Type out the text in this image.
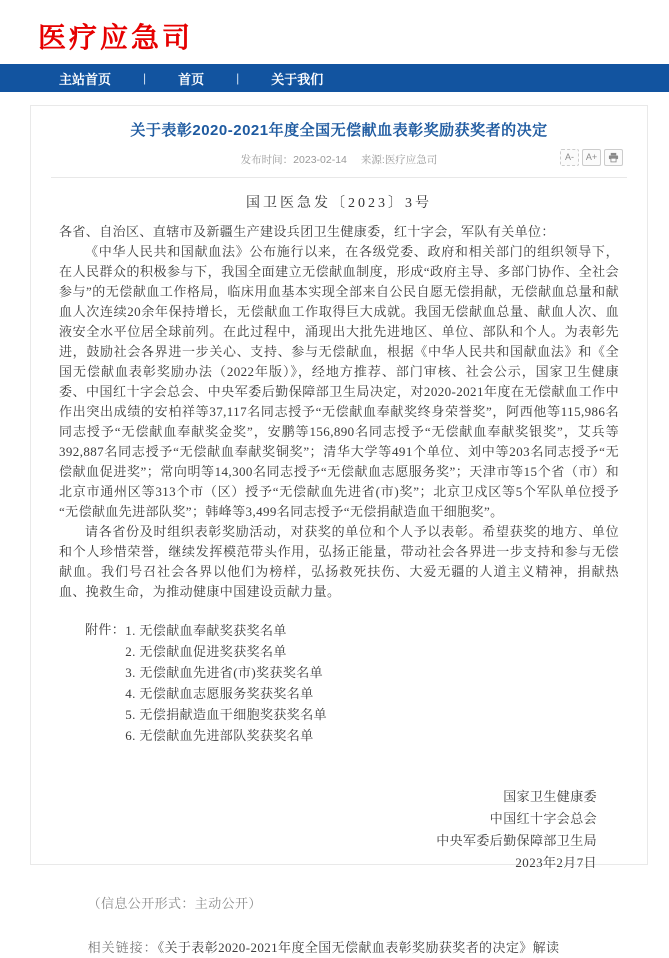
医疗应急司
主站首页	|	首页	|	关于我们
关于表彰2020-2021年度全国无偿献血表彰奖励获奖者的决定
发布时间：2023-02-14 来源:医疗应急司	A-	A+
国卫医急发〔2023〕3号

各省、自治区、直辖市及新疆生产建设兵团卫生健康委，红十字会，军队有关单位：

《中华人民共和国献血法》公布施行以来，在各级党委、政府和相关部门的组织领导下，在人民群众的积极参与下，我国全面建立无偿献血制度，形成“政府主导、多部门协作、全社会参与”的无偿献血工作格局，临床用血基本实现全部来自公民自愿无偿捐献，无偿献血总量和献血人次连续20余年保持增长，无偿献血工作取得巨大成就。我国无偿献血总量、献血人次、血液安全水平位居全球前列。在此过程中，涌现出大批先进地区、单位、部队和个人。为表彰先进，鼓励社会各界进一步关心、支持、参与无偿献血，根据《中华人民共和国献血法》和《全国无偿献血表彰奖励办法（2022年版）》，经地方推荐、部门审核、社会公示，国家卫生健康委、中国红十字会总会、中央军委后勤保障部卫生局决定，对2020-2021年度在无偿献血工作中作出突出成绩的安柏祥等37,117名同志授予“无偿献血奉献奖终身荣誉奖”，阿西他等115,986名同志授予“无偿献血奉献奖金奖”，安鹏等156,890名同志授予“无偿献血奉献奖银奖”，艾兵等392,887名同志授予“无偿献血奉献奖铜奖”；清华大学等491个单位、刘中等203名同志授予“无偿献血促进奖”；常向明等14,300名同志授予“无偿献血志愿服务奖”；天津市等15个省（市）和北京市通州区等313个市（区）授予“无偿献血先进省(市)奖”；北京卫戍区等5个军队单位授予“无偿献血先进部队奖”；韩峰等3,499名同志授予“无偿捐献造血干细胞奖”。

请各省份及时组织表彰奖励活动，对获奖的单位和个人予以表彰。希望获奖的地方、单位和个人珍惜荣誉，继续发挥模范带头作用，弘扬正能量，带动社会各界进一步支持和参与无偿献血。我们号召社会各界以他们为榜样，弘扬救死扶伤、大爱无疆的人道主义精神，捐献热血、挽救生命，为推动健康中国建设贡献力量。

附件： 1. 无偿献血奉献奖获奖名单
2. 无偿献血促进奖获奖名单
3. 无偿献血先进省(市)奖获奖名单
4. 无偿献血志愿服务奖获奖名单
5. 无偿捐献造血干细胞奖获奖名单
6. 无偿献血先进部队奖获奖名单
国家卫生健康委
中国红十字会总会
中央军委后勤保障部卫生局
2023年2月7日
（信息公开形式：主动公开）
相关链接：《关于表彰2020-2021年度全国无偿献血表彰奖励获奖者的决定》解读
